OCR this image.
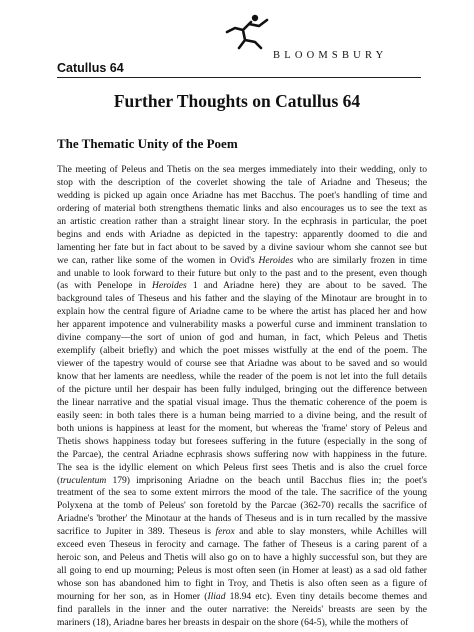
BLOOMSBURY
Catullus 64
Further Thoughts on Catullus 64
The Thematic Unity of the Poem
The meeting of Peleus and Thetis on the sea merges immediately into their wedding, only to
stop with the description of the coverlet showing the tale of Ariadne and Theseus; the
wedding is picked up again once Ariadne has met Bacchus. The poet's handling of time and
ordering of material both strengthens thematic links and also encourages us to see the text as
an artistic creation rather than a straight linear story. In the ecphrasis in particular, the poet
begins and ends with Ariadne as depicted in the tapestry: apparently doomed to die and
lamenting her fate but in fact about to be saved by a divine saviour whom she cannot see but
we can, rather like some of the women in Ovid's Heroides who are similarly frozen in time
and unable to look forward to their future but only to the past and to the present, even though
(as with Penelope in Heroides 1 and Ariadne here) they are about to be saved. The
background tales of Theseus and his father and the slaying of the Minotaur are brought in to
explain how the central figure of Ariadne came to be where the artist has placed her and how
her apparent impotence and vulnerability masks a powerful curse and imminent translation to
divine company—the sort of union of god and human, in fact, which Peleus and Thetis
exemplify (albeit briefly) and which the poet misses wistfully at the end of the poem. The
viewer of the tapestry would of course see that Ariadne was about to be saved and so would
know that her laments are needless, while the reader of the poem is not let into the full details
of the picture until her despair has been fully indulged, bringing out the difference between
the linear narrative and the spatial visual image. Thus the thematic coherence of the poem is
easily seen: in both tales there is a human being married to a divine being, and the result of
both unions is happiness at least for the moment, but whereas the 'frame' story of Peleus and
Thetis shows happiness today but foresees suffering in the future (especially in the song of
the Parcae), the central Ariadne ecphrasis shows suffering now with happiness in the future.
The sea is the idyllic element on which Peleus first sees Thetis and is also the cruel force
(truculentum 179) imprisoning Ariadne on the beach until Bacchus flies in; the poet's
treatment of the sea to some extent mirrors the mood of the tale. The sacrifice of the young
Polyxena at the tomb of Peleus' son foretold by the Parcae (362-70) recalls the sacrifice of
Ariadne's 'brother' the Minotaur at the hands of Theseus and is in turn recalled by the massive
sacrifice to Jupiter in 389. Theseus is ferox and able to slay monsters, while Achilles will
exceed even Theseus in ferocity and carnage. The father of Theseus is a caring parent of a
heroic son, and Peleus and Thetis will also go on to have a highly successful son, but they are
all going to end up mourning; Peleus is most often seen (in Homer at least) as a sad old father
whose son has abandoned him to fight in Troy, and Thetis is also often seen as a figure of
mourning for her son, as in Homer (Iliad 18.94 etc). Even tiny details become themes and
find parallels in the inner and the outer narrative: the Nereids' breasts are seen by the
mariners (18), Ariadne bares her breasts in despair on the shore (64-5), while the mothers of
